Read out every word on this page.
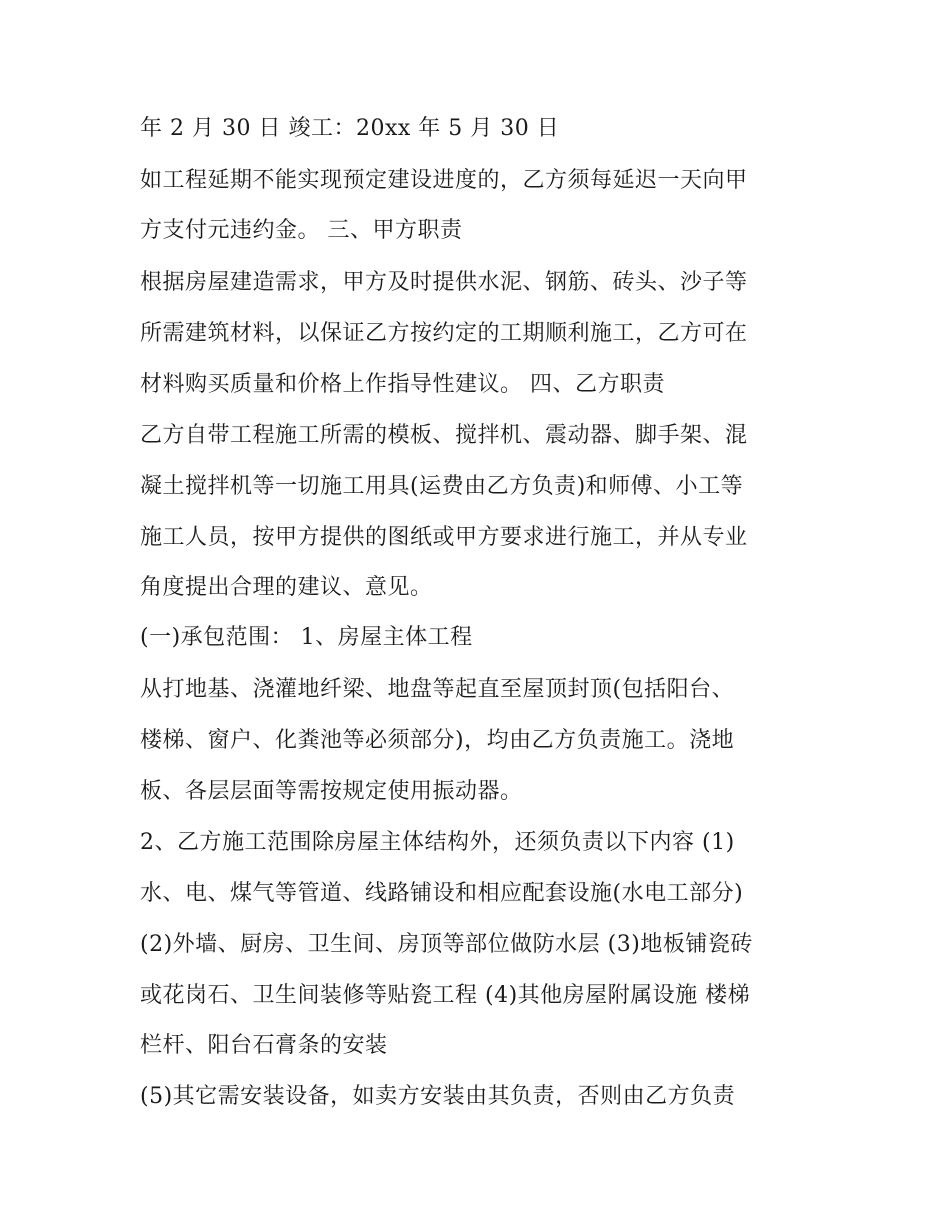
年 2 月 30 日 竣工：20xx 年 5 月 30 日
如工程延期不能实现预定建设进度的，乙方须每延迟一天向甲
方支付元违约金。 三、甲方职责
根据房屋建造需求，甲方及时提供水泥、钢筋、砖头、沙子等
所需建筑材料，以保证乙方按约定的工期顺利施工，乙方可在
材料购买质量和价格上作指导性建议。 四、乙方职责
乙方自带工程施工所需的模板、搅拌机、震动器、脚手架、混
凝土搅拌机等一切施工用具(运费由乙方负责)和师傅、小工等
施工人员，按甲方提供的图纸或甲方要求进行施工，并从专业
角度提出合理的建议、意见。
(一)承包范围： 1、房屋主体工程
从打地基、浇灌地纤梁、地盘等起直至屋顶封顶(包括阳台、
楼梯、窗户、化粪池等必须部分)，均由乙方负责施工。浇地
板、各层层面等需按规定使用振动器。
2、乙方施工范围除房屋主体结构外，还须负责以下内容 (1)
水、电、煤气等管道、线路铺设和相应配套设施(水电工部分)
(2)外墙、厨房、卫生间、房顶等部位做防水层 (3)地板铺瓷砖
或花岗石、卫生间装修等贴瓷工程 (4)其他房屋附属设施 楼梯
栏杆、阳台石膏条的安装
(5)其它需安装设备，如卖方安装由其负责，否则由乙方负责
